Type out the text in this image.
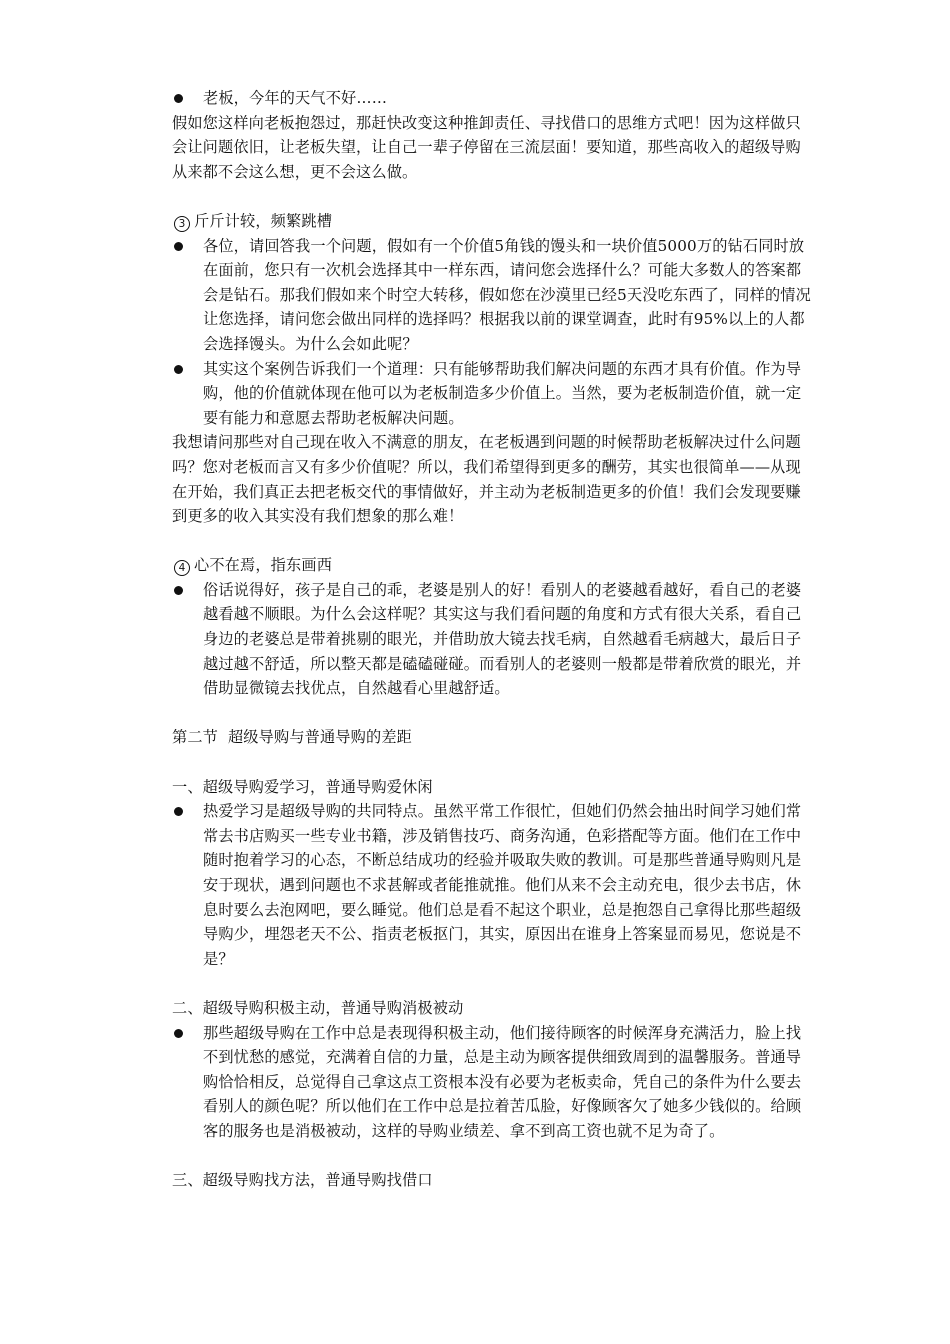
老板，今年的天气不好……
假如您这样向老板抱怨过，那赶快改变这种推卸责任、寻找借口的思维方式吧！因为这样做只会让问题依旧，让老板失望，让自己一辈子停留在三流层面！要知道，那些高收入的超级导购从来都不会这么想，更不会这么做。
3 斤斤计较，频繁跳槽
各位，请回答我一个问题，假如有一个价值5角钱的馒头和一块价值5000万的钻石同时放在面前，您只有一次机会选择其中一样东西，请问您会选择什么？可能大多数人的答案都会是钻石。那我们假如来个时空大转移，假如您在沙漠里已经5天没吃东西了，同样的情况让您选择，请问您会做出同样的选择吗？根据我以前的课堂调查，此时有95%以上的人都会选择馒头。为什么会如此呢？
其实这个案例告诉我们一个道理：只有能够帮助我们解决问题的东西才具有价值。作为导购，他的价值就体现在他可以为老板制造多少价值上。当然，要为老板制造价值，就一定要有能力和意愿去帮助老板解决问题。
我想请问那些对自己现在收入不满意的朋友，在老板遇到问题的时候帮助老板解决过什么问题吗？您对老板而言又有多少价值呢？所以，我们希望得到更多的酬劳，其实也很简单——从现在开始，我们真正去把老板交代的事情做好，并主动为老板制造更多的价值！我们会发现要赚到更多的收入其实没有我们想象的那么难！
4 心不在焉，指东画西
俗话说得好，孩子是自己的乖，老婆是别人的好！看别人的老婆越看越好，看自己的老婆越看越不顺眼。为什么会这样呢？其实这与我们看问题的角度和方式有很大关系，看自己身边的老婆总是带着挑剔的眼光，并借助放大镜去找毛病，自然越看毛病越大，最后日子越过越不舒适，所以整天都是磕磕碰碰。而看别人的老婆则一般都是带着欣赏的眼光，并借助显微镜去找优点，自然越看心里越舒适。
第二节  超级导购与普通导购的差距
一、超级导购爱学习，普通导购爱休闲
热爱学习是超级导购的共同特点。虽然平常工作很忙，但她们仍然会抽出时间学习她们常常去书店购买一些专业书籍，涉及销售技巧、商务沟通，色彩搭配等方面。他们在工作中随时抱着学习的心态，不断总结成功的经验并吸取失败的教训。可是那些普通导购则凡是安于现状，遇到问题也不求甚解或者能推就推。他们从来不会主动充电，很少去书店，休息时要么去泡网吧，要么睡觉。他们总是看不起这个职业，总是抱怨自己拿得比那些超级导购少，埋怨老天不公、指责老板抠门，其实，原因出在谁身上答案显而易见，您说是不是？
二、超级导购积极主动，普通导购消极被动
那些超级导购在工作中总是表现得积极主动，他们接待顾客的时候浑身充满活力，脸上找不到忧愁的感觉，充满着自信的力量，总是主动为顾客提供细致周到的温馨服务。普通导购恰恰相反，总觉得自己拿这点工资根本没有必要为老板卖命，凭自己的条件为什么要去看别人的颜色呢？所以他们在工作中总是拉着苦瓜脸，好像顾客欠了她多少钱似的。给顾客的服务也是消极被动，这样的导购业绩差、拿不到高工资也就不足为奇了。
三、超级导购找方法，普通导购找借口
